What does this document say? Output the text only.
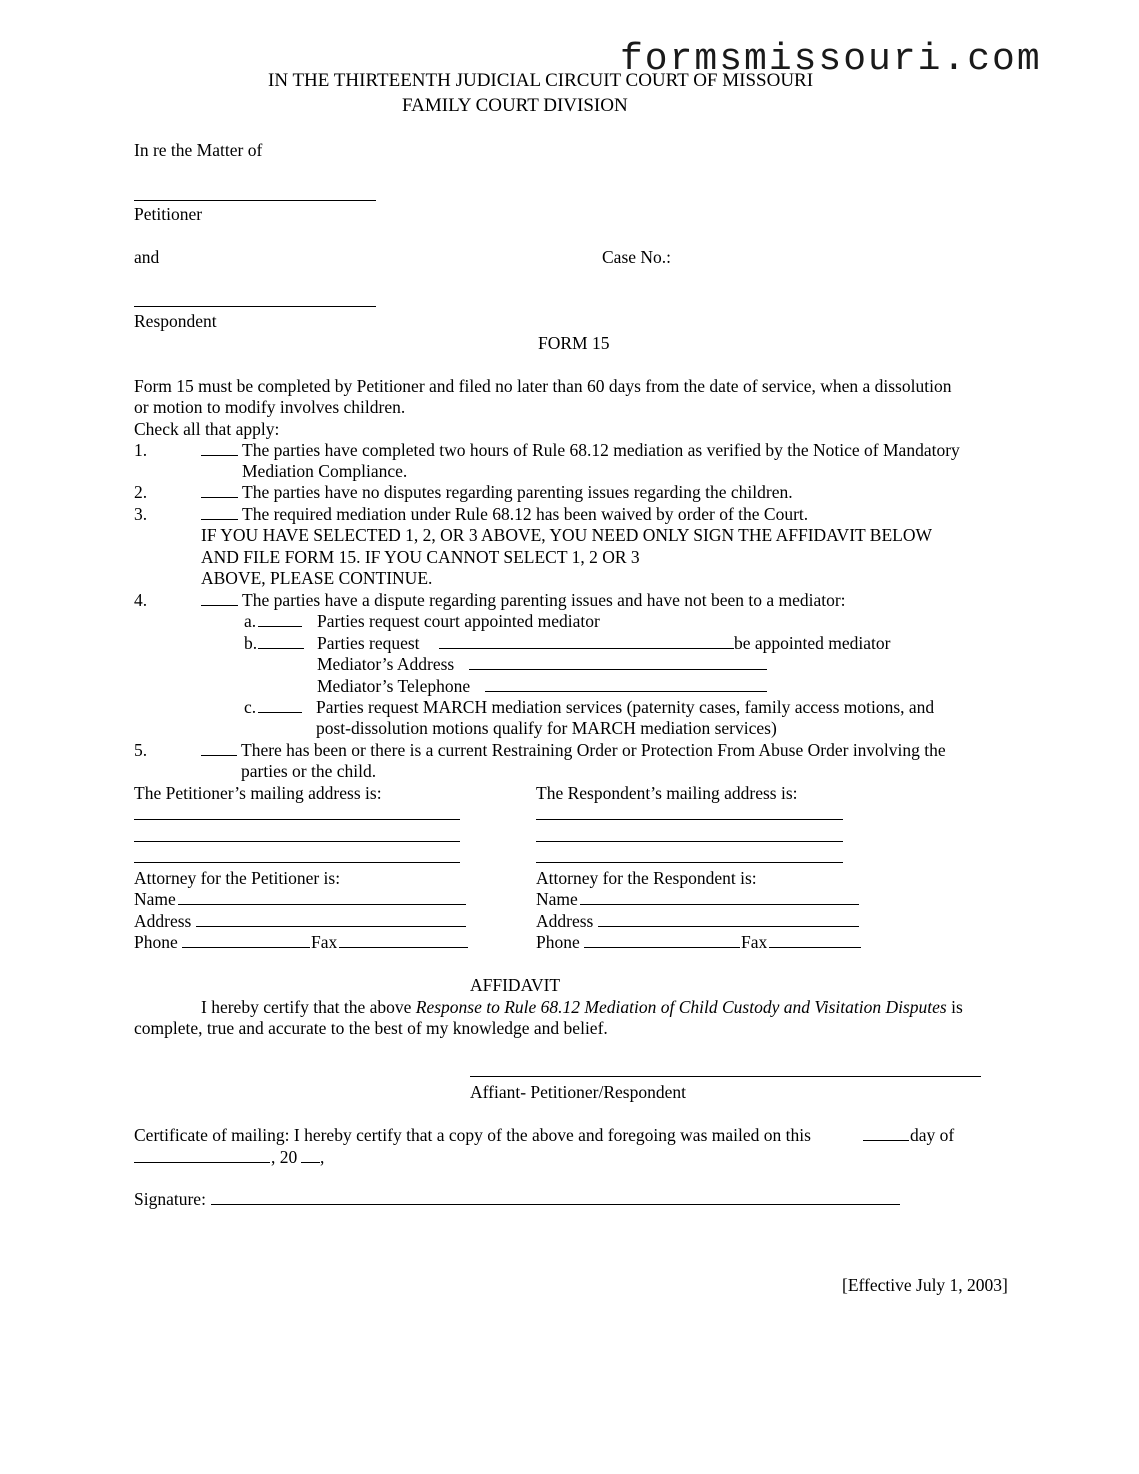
formsmissouri.com
IN THE THIRTEENTH JUDICIAL CIRCUIT COURT OF MISSOURI
FAMILY COURT DIVISION
In re the Matter of
Petitioner
and	Case No.:
Respondent
FORM 15
Form 15 must be completed by Petitioner and filed no later than 60 days from the date of service, when a dissolution
or motion to modify involves children.
Check all that apply:
1.	The parties have completed two hours of Rule 68.12 mediation as verified by the Notice of Mandatory
Mediation Compliance.
2.	The parties have no disputes regarding parenting issues regarding the children.
3.	The required mediation under Rule 68.12 has been waived by order of the Court.
IF YOU HAVE SELECTED 1, 2, OR 3 ABOVE, YOU NEED ONLY SIGN THE AFFIDAVIT BELOW
AND FILE FORM 15. IF YOU CANNOT SELECT 1, 2 OR 3
ABOVE, PLEASE CONTINUE.
4.	The parties have a dispute regarding parenting issues and have not been to a mediator:
a.	Parties request court appointed mediator
b.	Parties request	be appointed mediator
Mediator’s Address
Mediator’s Telephone
c.	Parties request MARCH mediation services (paternity cases, family access motions, and
post-dissolution motions qualify for MARCH mediation services)
5.	There has been or there is a current Restraining Order or Protection From Abuse Order involving the
parties or the child.
The Petitioner’s mailing address is:	The Respondent’s mailing address is:
Attorney for the Petitioner is:	Attorney for the Respondent is:
Name	Name
Address	Address
Phone	Fax	Phone	Fax
AFFIDAVIT
I hereby certify that the above Response to Rule 68.12 Mediation of Child Custody and Visitation Disputes is
complete, true and accurate to the best of my knowledge and belief.
Affiant- Petitioner/Respondent
Certificate of mailing: I hereby certify that a copy of the above and foregoing was mailed on this	day of
, 20 ,
Signature:
[Effective July 1, 2003]
